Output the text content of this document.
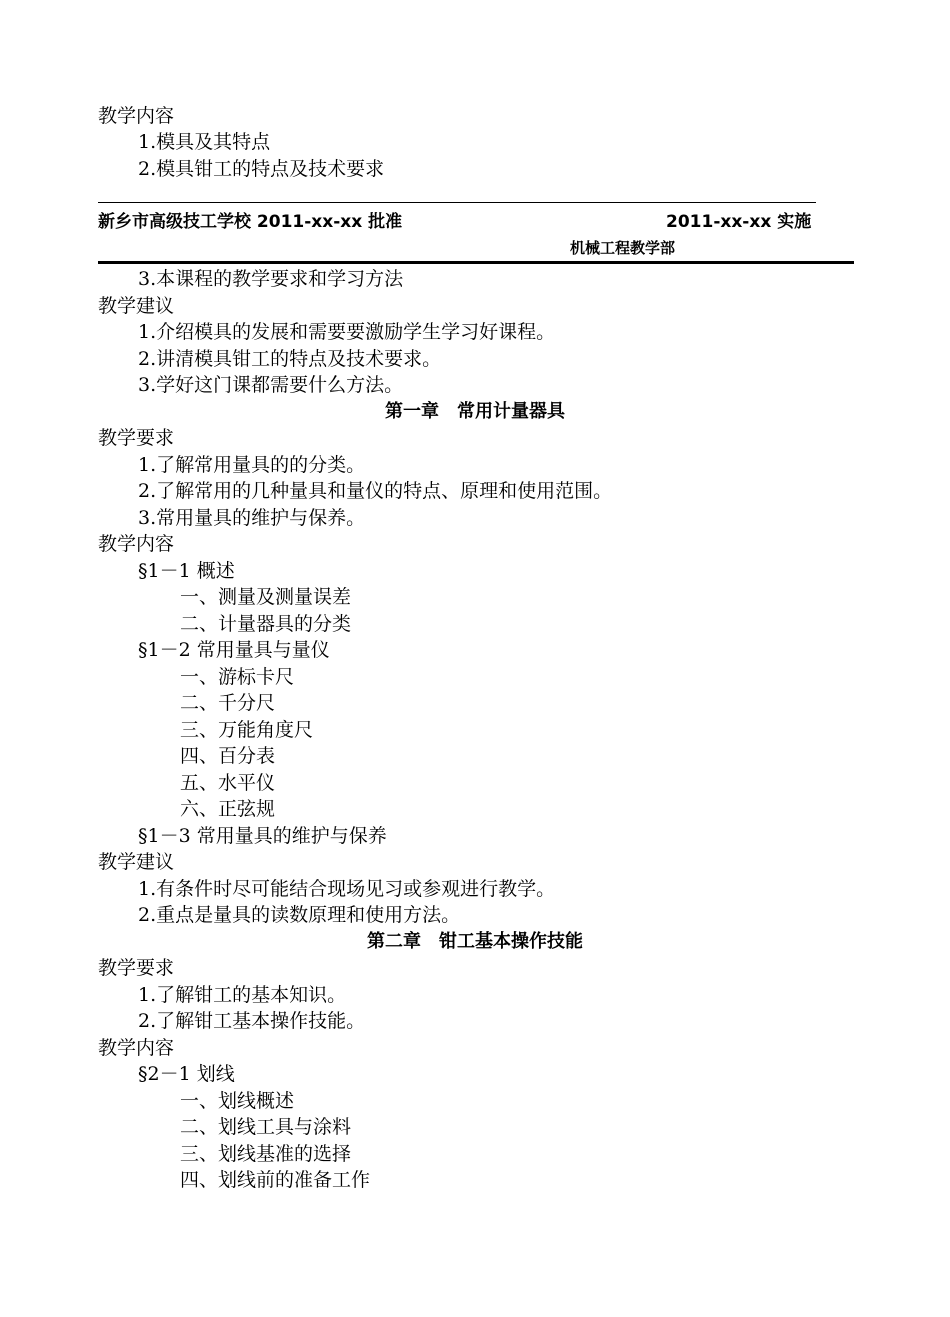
教学内容
1.模具及其特点
2.模具钳工的特点及技术要求
新乡市高级技工学校 2011-xx-xx 批准	2011-xx-xx 实施
机械工程教学部
3.本课程的教学要求和学习方法
教学建议
1.介绍模具的发展和需要要激励学生学习好课程。
2.讲清模具钳工的特点及技术要求。
3.学好这门课都需要什么方法。
第一章　常用计量器具
教学要求
1.了解常用量具的的分类。
2.了解常用的几种量具和量仪的特点、原理和使用范围。
3.常用量具的维护与保养。
教学内容
§1－1 概述
一、测量及测量误差
二、计量器具的分类
§1－2 常用量具与量仪
一、游标卡尺
二、千分尺
三、万能角度尺
四、百分表
五、水平仪
六、正弦规
§1－3 常用量具的维护与保养
教学建议
1.有条件时尽可能结合现场见习或参观进行教学。
2.重点是量具的读数原理和使用方法。
第二章　钳工基本操作技能
教学要求
1.了解钳工的基本知识。
2.了解钳工基本操作技能。
教学内容
§2－1 划线
一、划线概述
二、划线工具与涂料
三、划线基准的选择
四、划线前的准备工作
